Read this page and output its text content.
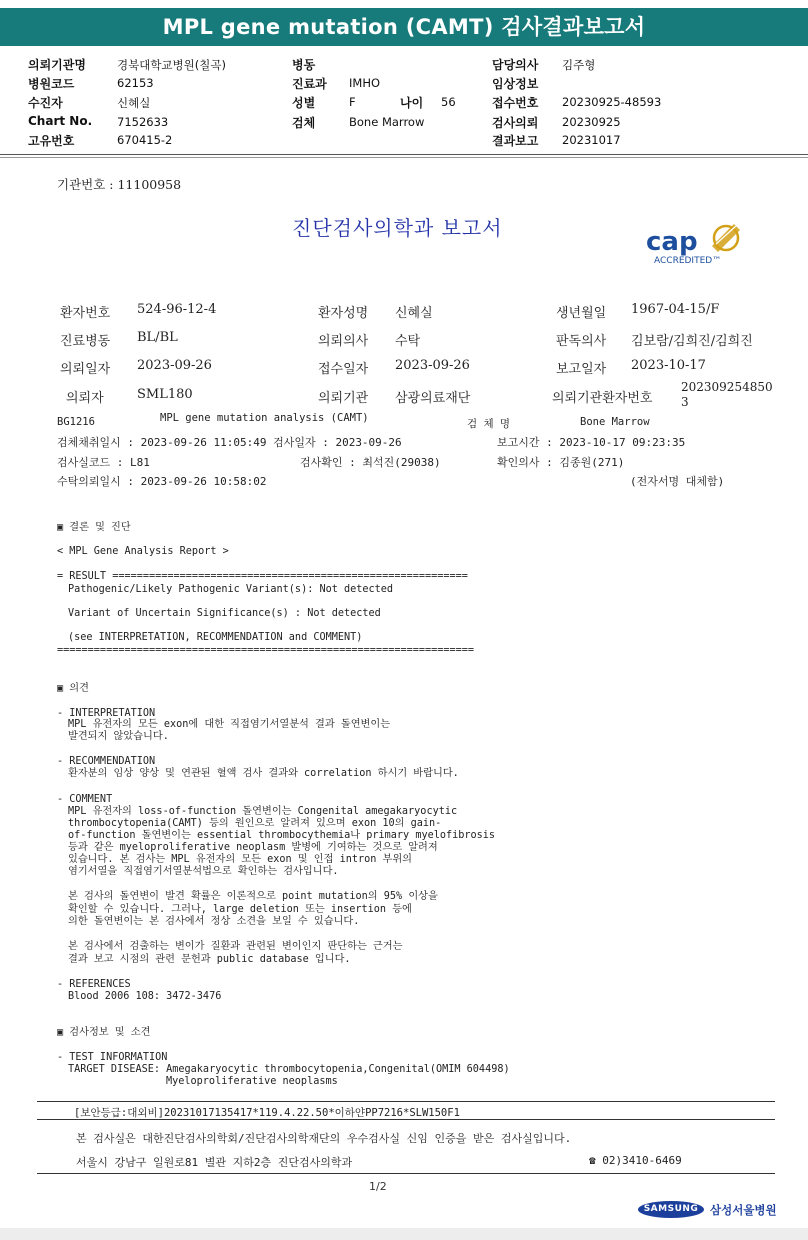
MPL gene mutation (CAMT) 검사결과보고서
의뢰기관명	경북대학교병원(칠곡)
병원코드	62153
수진자	신혜실
Chart No. 7152633
고유번호	670415-2
병동
진료과 IMHO
성별	F	나이 56
검체	Bone Marrow
담당의사 김주형
임상정보
접수번호 20230925-48593
검사의뢰 20230925
결과보고 20231017
기관번호 : 11100958
진단검사의학과 보고서	cap
ACCREDITED™
환자번호 524-96-12-4	환자성명 신혜실	생년월일 1967-04-15/F
진료병동 BL/BL	의뢰의사 수탁	판독의사 김보람/김희진/김희진
의뢰일자 2023-09-26	접수일자 2023-09-26	보고일자 2023-10-17
의뢰자	SML180	의뢰기관 삼광의료재단	의뢰기관환자번호
202309254850
3
BG1216	MPL gene mutation analysis (CAMT)	검 체 명	Bone Marrow
검체채취일시 : 2023-09-26 11:05:49 검사일자 : 2023-09-26	보고시간 : 2023-10-17 09:23:35
검사실코드 : L81	검사확인 : 최석진(29038)	확인의사 : 김종원(271)
수탁의뢰일시 : 2023-09-26 10:58:02	(전자서명 대체함)
▣ 결론 및 진단
< MPL Gene Analysis Report >
= RESULT ==========================================================
Pathogenic/Likely Pathogenic Variant(s): Not detected
Variant of Uncertain Significance(s) : Not detected
(see INTERPRETATION, RECOMMENDATION and COMMENT)
====================================================================
▣ 의견
- INTERPRETATION
MPL 유전자의 모든 exon에 대한 직접염기서열분석 결과 돌연변이는
발견되지 않았습니다.
- RECOMMENDATION
환자분의 임상 양상 및 연관된 혈액 검사 결과와 correlation 하시기 바랍니다.
- COMMENT
MPL 유전자의 loss-of-function 돌연변이는 Congenital amegakaryocytic
thrombocytopenia(CAMT) 등의 원인으로 알려져 있으며 exon 10의 gain-
of-function 돌연변이는 essential thrombocythemia나 primary myelofibrosis
등과 같은 myeloproliferative neoplasm 발병에 기여하는 것으로 알려져
있습니다. 본 검사는 MPL 유전자의 모든 exon 및 인접 intron 부위의
염기서열을 직접염기서열분석법으로 확인하는 검사입니다.
본 검사의 돌연변이 발견 확률은 이론적으로 point mutation의 95% 이상을
확인할 수 있습니다. 그러나, large deletion 또는 insertion 등에
의한 돌연변이는 본 검사에서 정상 소견을 보일 수 있습니다.
본 검사에서 검출하는 변이가 질환과 관련된 변이인지 판단하는 근거는
결과 보고 시점의 관련 문헌과 public database 입니다.
- REFERENCES
Blood 2006 108: 3472-3476
▣ 검사정보 및 소견
- TEST INFORMATION
TARGET DISEASE: Amegakaryocytic thrombocytopenia,Congenital(OMIM 604498)
Myeloproliferative neoplasms
[보안등급:대외비]20231017135417*119.4.22.50*이하얀PP7216*SLW150F1
본 검사실은 대한진단검사의학회/진단검사의학재단의 우수검사실 신임 인증을 받은 검사실입니다.
서울시 강남구 일원로81 별관 지하2층 진단검사의학과	☎ 02)3410-6469
1/2
SAMSUNG	삼성서울병원
